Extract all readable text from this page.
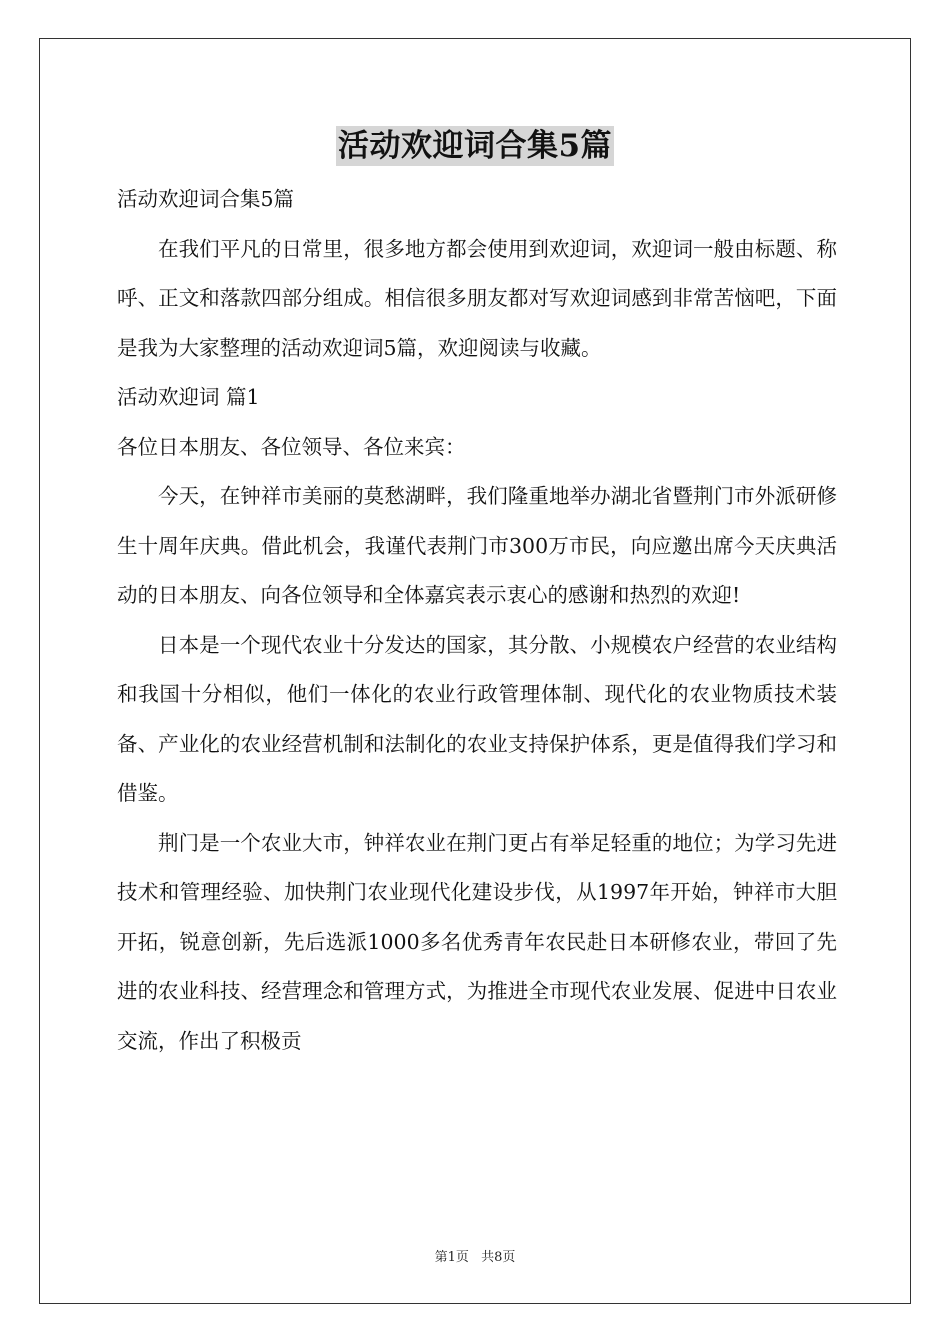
活动欢迎词合集5篇

活动欢迎词合集5篇

在我们平凡的日常里，很多地方都会使用到欢迎词，欢迎词一般由标题、称呼、正文和落款四部分组成。相信很多朋友都对写欢迎词感到非常苦恼吧，下面是我为大家整理的活动欢迎词5篇，欢迎阅读与收藏。

活动欢迎词 篇1

各位日本朋友、各位领导、各位来宾：

今天，在钟祥市美丽的莫愁湖畔，我们隆重地举办湖北省暨荆门市外派研修生十周年庆典。借此机会，我谨代表荆门市300万市民，向应邀出席今天庆典活动的日本朋友、向各位领导和全体嘉宾表示衷心的感谢和热烈的欢迎!

日本是一个现代农业十分发达的国家，其分散、小规模农户经营的农业结构和我国十分相似，他们一体化的农业行政管理体制、现代化的农业物质技术装备、产业化的农业经营机制和法制化的农业支持保护体系，更是值得我们学习和借鉴。

荆门是一个农业大市，钟祥农业在荆门更占有举足轻重的地位；为学习先进技术和管理经验、加快荆门农业现代化建设步伐，从1997年开始，钟祥市大胆开拓，锐意创新，先后选派1000多名优秀青年农民赴日本研修农业，带回了先进的农业科技、经营理念和管理方式，为推进全市现代农业发展、促进中日农业交流，作出了积极贡

第1页 共8页
